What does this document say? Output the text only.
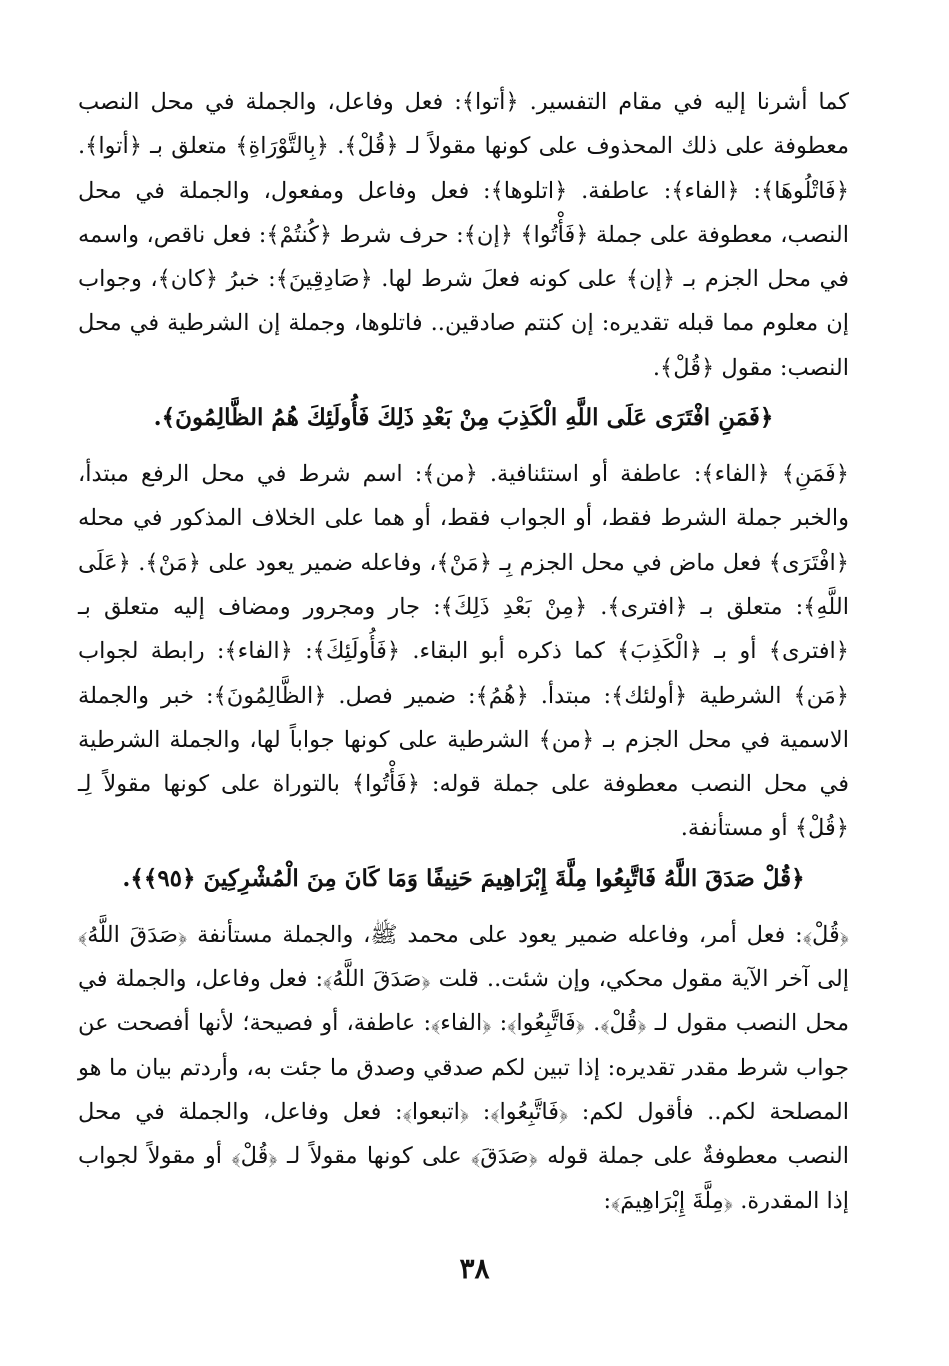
كما أشرنا إليه في مقام التفسير. ﴿أتوا﴾: فعل وفاعل، والجملة في محل النصب معطوفة على ذلك المحذوف على كونها مقولاً لـ ﴿قُلْ﴾. ﴿بِالتَّوْرَاةِ﴾ متعلق بـ ﴿أتوا﴾. ﴿فَاتْلُوهَا﴾: ﴿الفاء﴾: عاطفة. ﴿اتلوها﴾: فعل وفاعل ومفعول، والجملة في محل النصب، معطوفة على جملة ﴿فَأْتُوا﴾ ﴿إن﴾: حرف شرط ﴿كُنتُمْ﴾: فعل ناقص، واسمه في محل الجزم بـ ﴿إن﴾ على كونه فعلَ شرط لها. ﴿صَادِقِينَ﴾: خبرُ ﴿كان﴾، وجواب إن معلوم مما قبله تقديره: إن كنتم صادقين.. فاتلوها، وجملة إن الشرطية في محل النصب: مقول ﴿قُلْ﴾.

﴿فَمَنِ افْتَرَى عَلَى اللَّهِ الْكَذِبَ مِنْ بَعْدِ ذَلِكَ فَأُولَئِكَ هُمُ الظَّالِمُونَ﴾.

﴿فَمَنِ﴾ ﴿الفاء﴾: عاطفة أو استئنافية. ﴿من﴾: اسم شرط في محل الرفع مبتدأ، والخبر جملة الشرط فقط، أو الجواب فقط، أو هما على الخلاف المذكور في محله ﴿افْتَرَى﴾ فعل ماض في محل الجزم بِـ ﴿مَنْ﴾، وفاعله ضمير يعود على ﴿مَنْ﴾. ﴿عَلَى اللَّهِ﴾: متعلق بـ ﴿افترى﴾. ﴿مِنْ بَعْدِ ذَلِكَ﴾: جار ومجرور ومضاف إليه متعلق بـ ﴿افترى﴾ أو بـ ﴿الْكَذِبَ﴾ كما ذكره أبو البقاء. ﴿فَأُولَئِكَ﴾: ﴿الفاء﴾: رابطة لجواب ﴿مَن﴾ الشرطية ﴿أولئك﴾: مبتدأ. ﴿هُمُ﴾: ضمير فصل. ﴿الظَّالِمُونَ﴾: خبر والجملة الاسمية في محل الجزم بـ ﴿من﴾ الشرطية على كونها جواباً لها، والجملة الشرطية في محل النصب معطوفة على جملة قوله: ﴿فَأْتُوا﴾ بالتوراة على كونها مقولاً لِـ ﴿قُلْ﴾ أو مستأنفة.

﴿قُلْ صَدَقَ اللَّهُ فَاتَّبِعُوا مِلَّةَ إِبْرَاهِيمَ حَنِيفًا وَمَا كَانَ مِنَ الْمُشْرِكِينَ ﴿٩٥﴾﴾.

﴿قُلْ﴾: فعل أمر، وفاعله ضمير يعود على محمد ﷺ، والجملة مستأنفة ﴿صَدَقَ اللَّهُ﴾ إلى آخر الآية مقول محكي، وإن شئت.. قلت ﴿صَدَقَ اللَّهُ﴾: فعل وفاعل، والجملة في محل النصب مقول لـ ﴿قُلْ﴾. ﴿فَاتَّبِعُوا﴾: ﴿الفاء﴾: عاطفة، أو فصيحة؛ لأنها أفصحت عن جواب شرط مقدر تقديره: إذا تبين لكم صدقي وصدق ما جئت به، وأردتم بيان ما هو المصلحة لكم.. فأقول لكم: ﴿فَاتَّبِعُوا﴾: ﴿اتبعوا﴾: فعل وفاعل، والجملة في محل النصب معطوفةٌ على جملة قوله ﴿صَدَقَ﴾ على كونها مقولاً لـ ﴿قُلْ﴾ أو مقولاً لجواب إذا المقدرة. ﴿مِلَّةَ إِبْرَاهِيمَ﴾:

٣٨
